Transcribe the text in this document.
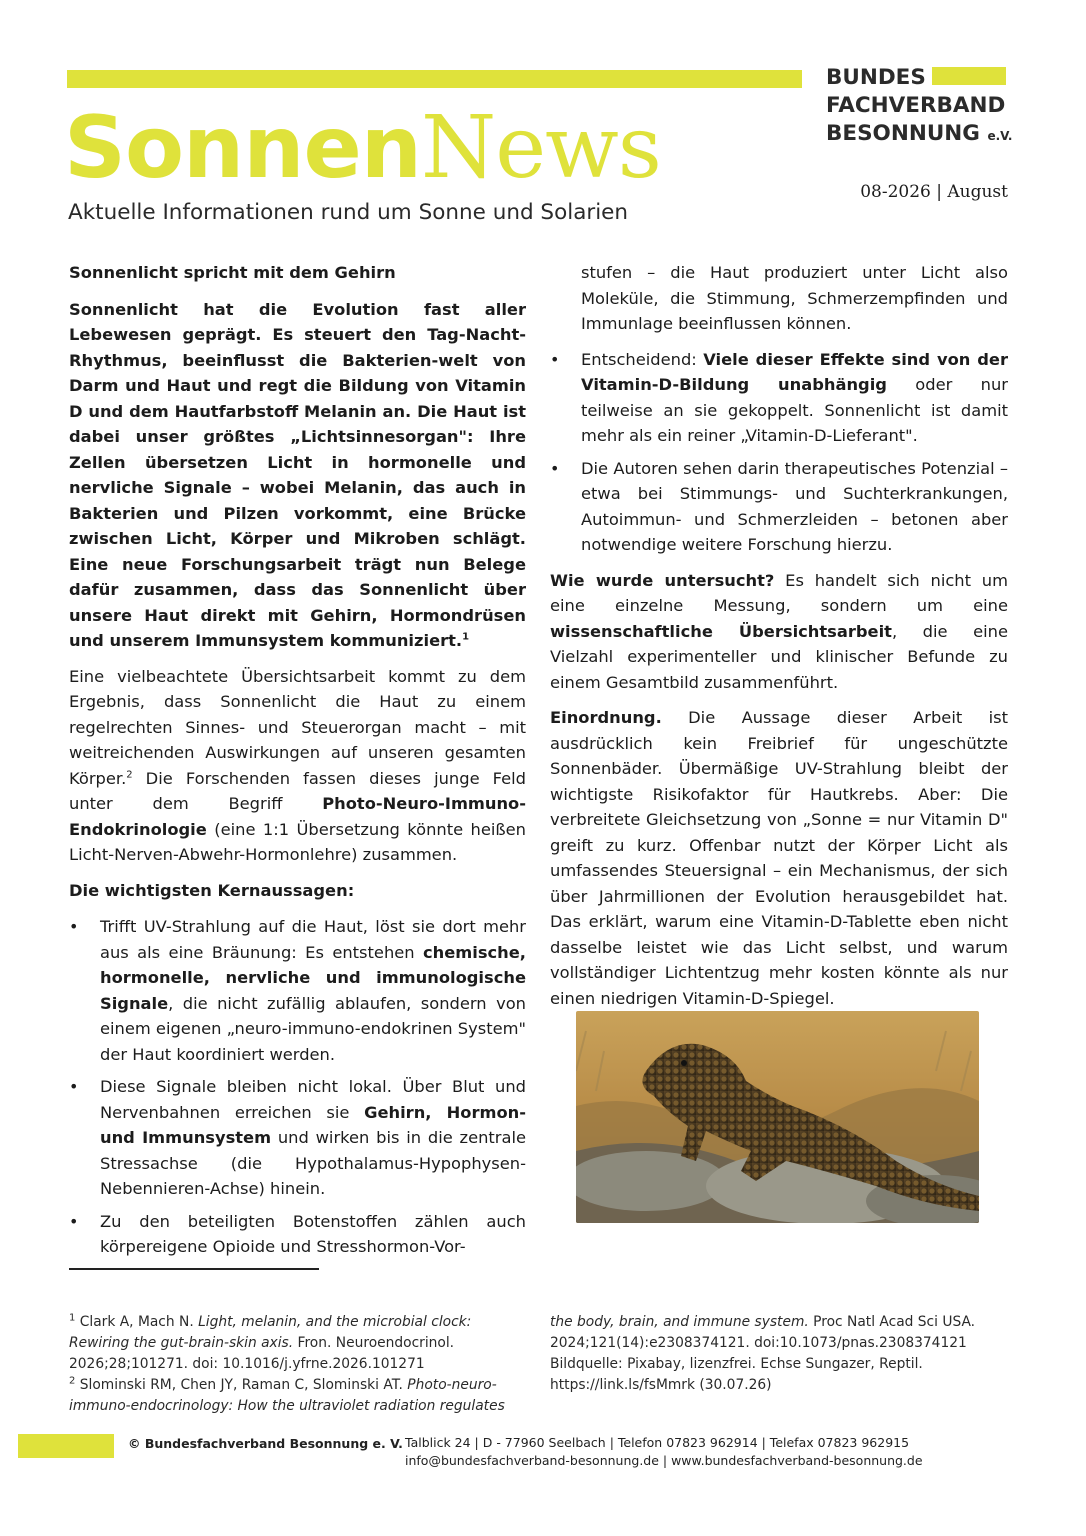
SonnenNews
Aktuelle Informationen rund um Sonne und Solarien
BUNDES
FACHVERBAND
BESONNUNG e.V.
08-2026 | August
Sonnenlicht spricht mit dem Gehirn

Sonnenlicht hat die Evolution fast aller Lebewesen geprägt. Es steuert den Tag-Nacht-Rhythmus, beeinflusst die Bakterien-welt von Darm und Haut und regt die Bildung von Vitamin D und dem Hautfarbstoff Melanin an. Die Haut ist dabei unser größtes „Lichtsinnesorgan": Ihre Zellen übersetzen Licht in hormonelle und nervliche Signale – wobei Melanin, das auch in Bakterien und Pilzen vorkommt, eine Brücke zwischen Licht, Körper und Mikroben schlägt. Eine neue Forschungsarbeit trägt nun Belege dafür zusammen, dass das Sonnenlicht über unsere Haut direkt mit Gehirn, Hormondrüsen und unserem Immunsystem kommuniziert.$^1$

Eine vielbeachtete Übersichtsarbeit kommt zu dem Ergebnis, dass Sonnenlicht die Haut zu einem regelrechten Sinnes- und Steuerorgan macht – mit weitreichenden Auswirkungen auf unseren gesamten Körper.$^2$ Die Forschenden fassen dieses junge Feld unter dem Begriff Photo-Neuro-Immuno-Endokrinologie (eine 1:1 Übersetzung könnte heißen Licht-Nerven-Abwehr-Hormonlehre) zusammen.

Die wichtigsten Kernaussagen:
• Trifft UV-Strahlung auf die Haut, löst sie dort mehr aus als eine Bräunung: Es entstehen chemische, hormonelle, nervliche und immunologische Signale, die nicht zufällig ablaufen, sondern von einem eigenen „neuro-immuno-endokrinen System" der Haut koordiniert werden.
• Diese Signale bleiben nicht lokal. Über Blut und Nervenbahnen erreichen sie Gehirn, Hormon- und Immunsystem und wirken bis in die zentrale Stressachse (die Hypothalamus-Hypophysen-Nebennieren-Achse) hinein.
• Zu den beteiligten Botenstoffen zählen auch körpereigene Opioide und Stresshormon-Vor-

stufen – die Haut produziert unter Licht also Moleküle, die Stimmung, Schmerzempfinden und Immunlage beeinflussen können.

• Entscheidend: Viele dieser Effekte sind von der Vitamin-D-Bildung unabhängig oder nur teilweise an sie gekoppelt. Sonnenlicht ist damit mehr als ein reiner „Vitamin-D-Lieferant".
• Die Autoren sehen darin therapeutisches Potenzial – etwa bei Stimmungs- und Suchterkrankungen, Autoimmun- und Schmerzleiden – betonen aber notwendige weitere Forschung hierzu.

Wie wurde untersucht? Es handelt sich nicht um eine einzelne Messung, sondern um eine wissenschaftliche Übersichtsarbeit, die eine Vielzahl experimenteller und klinischer Befunde zu einem Gesamtbild zusammenführt.

Einordnung. Die Aussage dieser Arbeit ist ausdrücklich kein Freibrief für ungeschützte Sonnenbäder. Übermäßige UV-Strahlung bleibt der wichtigste Risikofaktor für Hautkrebs. Aber: Die verbreitete Gleichsetzung von „Sonne = nur Vitamin D" greift zu kurz. Offenbar nutzt der Körper Licht als umfassendes Steuersignal – ein Mechanismus, der sich über Jahrmillionen der Evolution herausgebildet hat. Das erklärt, warum eine Vitamin-D-Tablette eben nicht dasselbe leistet wie das Licht selbst, und warum vollständiger Lichtentzug mehr kosten könnte als nur einen niedrigen Vitamin-D-Spiegel.

$^1$ Clark A, Mach N. Light, melanin, and the microbial clock: Rewiring the gut-brain-skin axis. Fron. Neuroendocrinol. 2026;28;101271. doi: 10.1016/j.yfrne.2026.101271

$^2$ Slominski RM, Chen JY, Raman C, Slominski AT. Photo-neuro-immuno-endocrinology: How the ultraviolet radiation regulates

the body, brain, and immune system. Proc Natl Acad Sci USA. 2024;121(14):e2308374121. doi:10.1073/pnas.2308374121

Bildquelle: Pixabay, lizenzfrei. Echse Sungazer, Reptil. https://link.ls/fsMmrk (30.07.26)

© Bundesfachverband Besonnung e. V. Talblick 24 | D - 77960 Seelbach | Telefon 07823 962914 | Telefax 07823 962915
info@bundesfachverband-besonnung.de | www.bundesfachverband-besonnung.de
